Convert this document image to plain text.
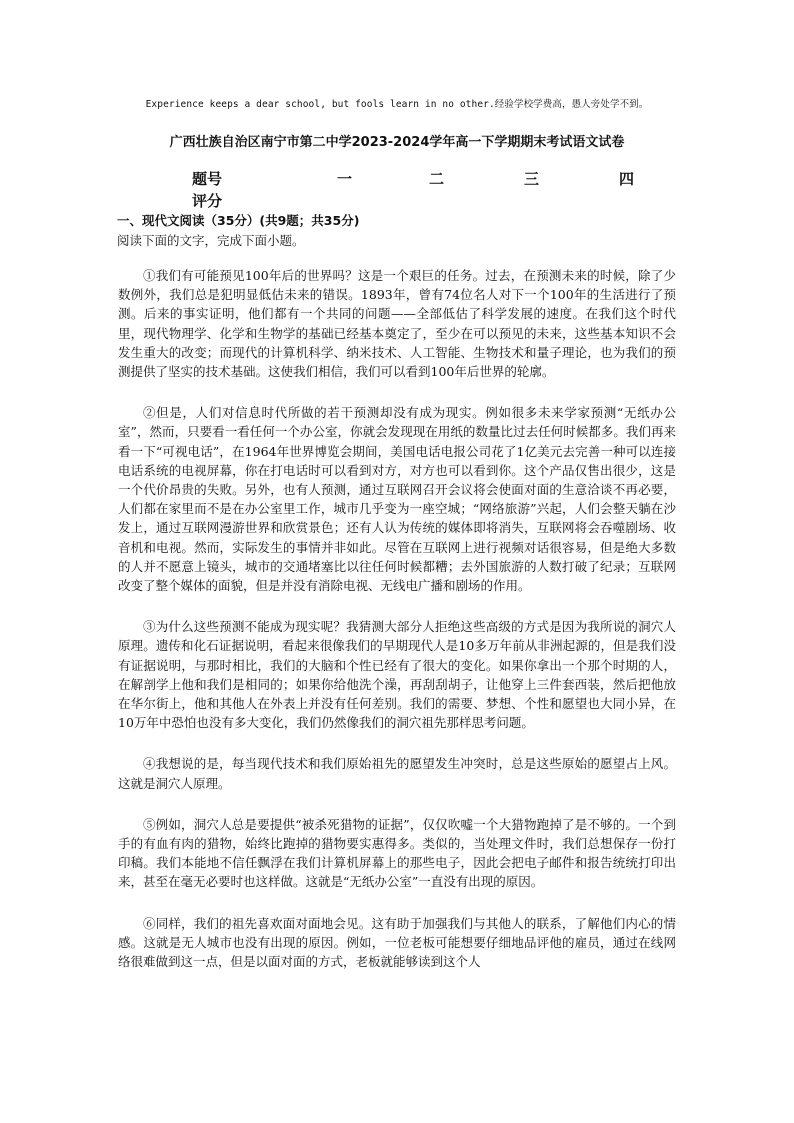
Experience keeps a dear school, but fools learn in no other.经验学校学费高，愚人旁处学不到。
广西壮族自治区南宁市第二中学2023-2024学年高一下学期期末考试语文试卷
题号	一	二	三	四
评分
一、现代文阅读（35分）(共9题；共35分)
阅读下面的文字，完成下面小题。

①我们有可能预见100年后的世界吗？这是一个艰巨的任务。过去，在预测未来的时候，除了少数例外，我们总是犯明显低估未来的错误。1893年，曾有74位名人对下一个100年的生活进行了预测。后来的事实证明，他们都有一个共同的问题——全部低估了科学发展的速度。在我们这个时代里，现代物理学、化学和生物学的基础已经基本奠定了，至少在可以预见的未来，这些基本知识不会发生重大的改变；而现代的计算机科学、纳米技术、人工智能、生物技术和量子理论，也为我们的预测提供了坚实的技术基础。这使我们相信，我们可以看到100年后世界的轮廓。

②但是，人们对信息时代所做的若干预测却没有成为现实。例如很多未来学家预测“无纸办公室”，然而，只要看一看任何一个办公室，你就会发现现在用纸的数量比过去任何时候都多。我们再来看一下“可视电话”，在1964年世界博览会期间，美国电话电报公司花了1亿美元去完善一种可以连接电话系统的电视屏幕，你在打电话时可以看到对方，对方也可以看到你。这个产品仅售出很少，这是一个代价昂贵的失败。另外，也有人预测，通过互联网召开会议将会使面对面的生意洽谈不再必要，人们都在家里而不是在办公室里工作，城市几乎变为一座空城；“网络旅游”兴起，人们会整天躺在沙发上，通过互联网漫游世界和欣赏景色；还有人认为传统的媒体即将消失，互联网将会吞噬剧场、收音机和电视。然而，实际发生的事情并非如此。尽管在互联网上进行视频对话很容易，但是绝大多数的人并不愿意上镜头，城市的交通堵塞比以往任何时候都糟；去外国旅游的人数打破了纪录；互联网改变了整个媒体的面貌，但是并没有消除电视、无线电广播和剧场的作用。

③为什么这些预测不能成为现实呢？我猜测大部分人拒绝这些高级的方式是因为我所说的洞穴人原理。遗传和化石证据说明，看起来很像我们的早期现代人是10多万年前从非洲起源的，但是我们没有证据说明，与那时相比，我们的大脑和个性已经有了很大的变化。如果你拿出一个那个时期的人，在解剖学上他和我们是相同的；如果你给他洗个澡，再刮刮胡子，让他穿上三件套西装，然后把他放在华尔街上，他和其他人在外表上并没有任何差别。我们的需要、梦想、个性和愿望也大同小异，在10万年中恐怕也没有多大变化，我们仍然像我们的洞穴祖先那样思考问题。

④我想说的是，每当现代技术和我们原始祖先的愿望发生冲突时，总是这些原始的愿望占上风。这就是洞穴人原理。

⑤例如，洞穴人总是要提供“被杀死猎物的证据”，仅仅吹嘘一个大猎物跑掉了是不够的。一个到手的有血有肉的猎物，始终比跑掉的猎物要实惠得多。类似的，当处理文件时，我们总想保存一份打印稿。我们本能地不信任飘浮在我们计算机屏幕上的那些电子，因此会把电子邮件和报告统统打印出来，甚至在毫无必要时也这样做。这就是“无纸办公室”一直没有出现的原因。

⑥同样，我们的祖先喜欢面对面地会见。这有助于加强我们与其他人的联系，了解他们内心的情感。这就是无人城市也没有出现的原因。例如，一位老板可能想要仔细地品评他的雇员，通过在线网络很难做到这一点，但是以面对面的方式，老板就能够读到这个人
